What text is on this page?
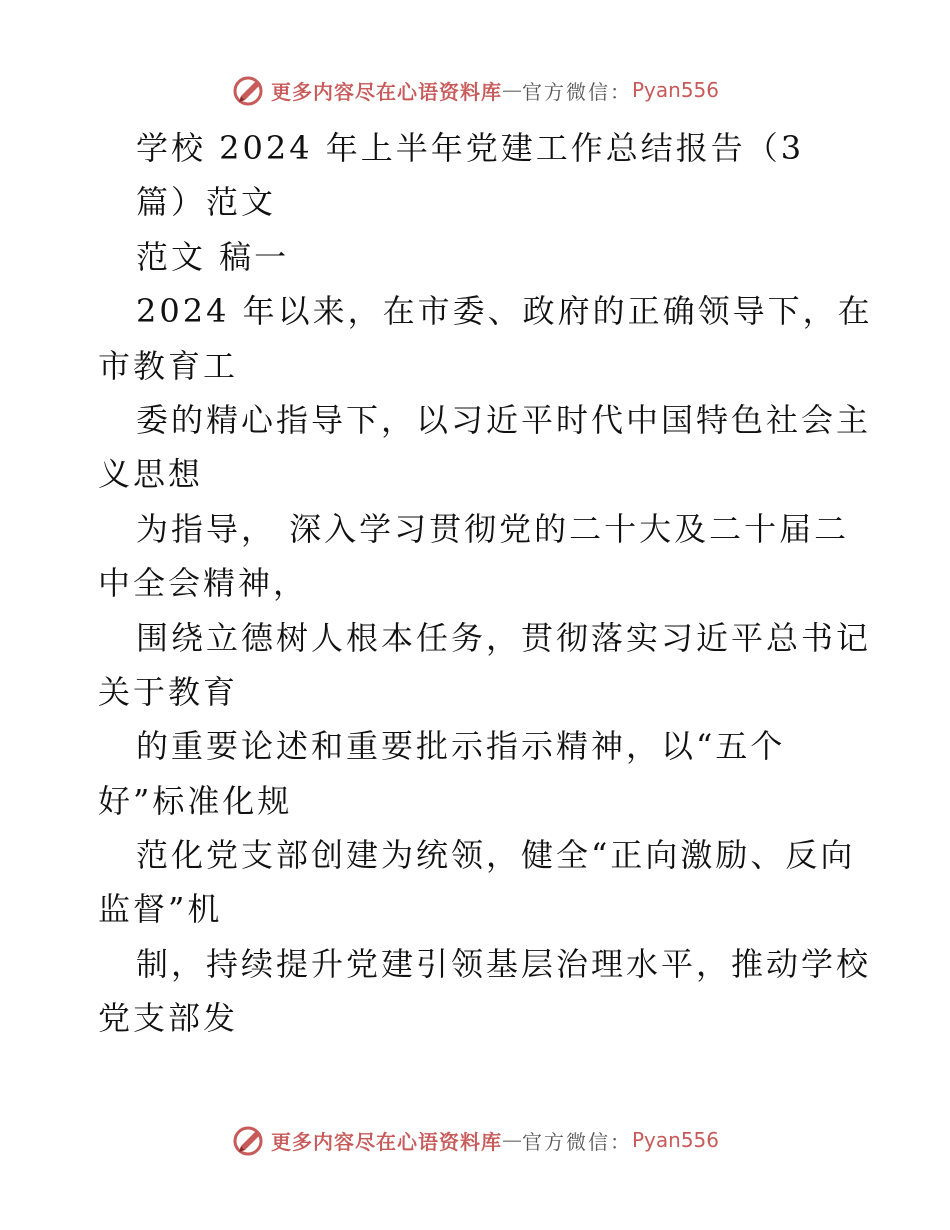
更多内容尽在心语资料库 — 官方微信： Pyan556
学校 2024 年上半年党建工作总结报告（3
篇）范文
范文 稿一
2024 年以来，在市委、政府的正确领导下，在
市教育工
委的精心指导下，以习近平时代中国特色社会主
义思想
为指导， 深入学习贯彻党的二十大及二十届二
中全会精神，
围绕立德树人根本任务，贯彻落实习近平总书记
关于教育
的重要论述和重要批示指示精神，以“五个
好”标准化规
范化党支部创建为统领，健全“正向激励、反向
监督”机
制，持续提升党建引领基层治理水平，推动学校
党支部发
更多内容尽在心语资料库 — 官方微信： Pyan556
